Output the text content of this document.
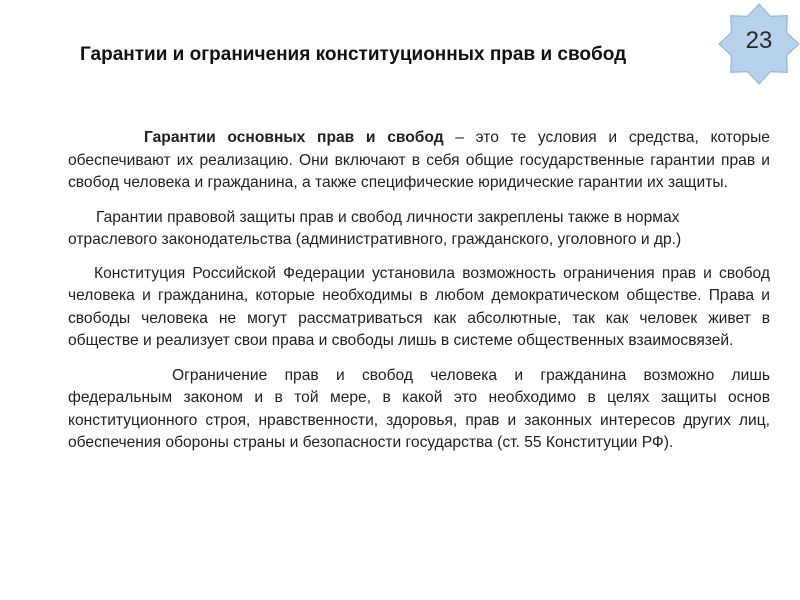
Гарантии и ограничения конституционных прав и свобод
23

Гарантии основных прав и свобод – это те условия и средства, которые обеспечивают их реализацию. Они включают в себя общие государственные гарантии прав и свобод человека и гражданина, а также специфические юридические гарантии их защиты.

Гарантии правовой защиты прав и свобод личности закреплены также в нормах отраслевого законодательства (административного, гражданского, уголовного и др.)

Конституция Российской Федерации установила возможность ограничения прав и свобод человека и гражданина, которые необходимы в любом демократическом обществе. Права и свободы человека не могут рассматриваться как абсолютные, так как человек живет в обществе и реализует свои права и свободы лишь в системе общественных взаимосвязей.

Ограничение прав и свобод человека и гражданина возможно лишь федеральным законом и в той мере, в какой это необходимо в целях защиты основ конституционного строя, нравственности, здоровья, прав и законных интересов других лиц, обеспечения обороны страны и безопасности государства (ст. 55 Конституции РФ).
